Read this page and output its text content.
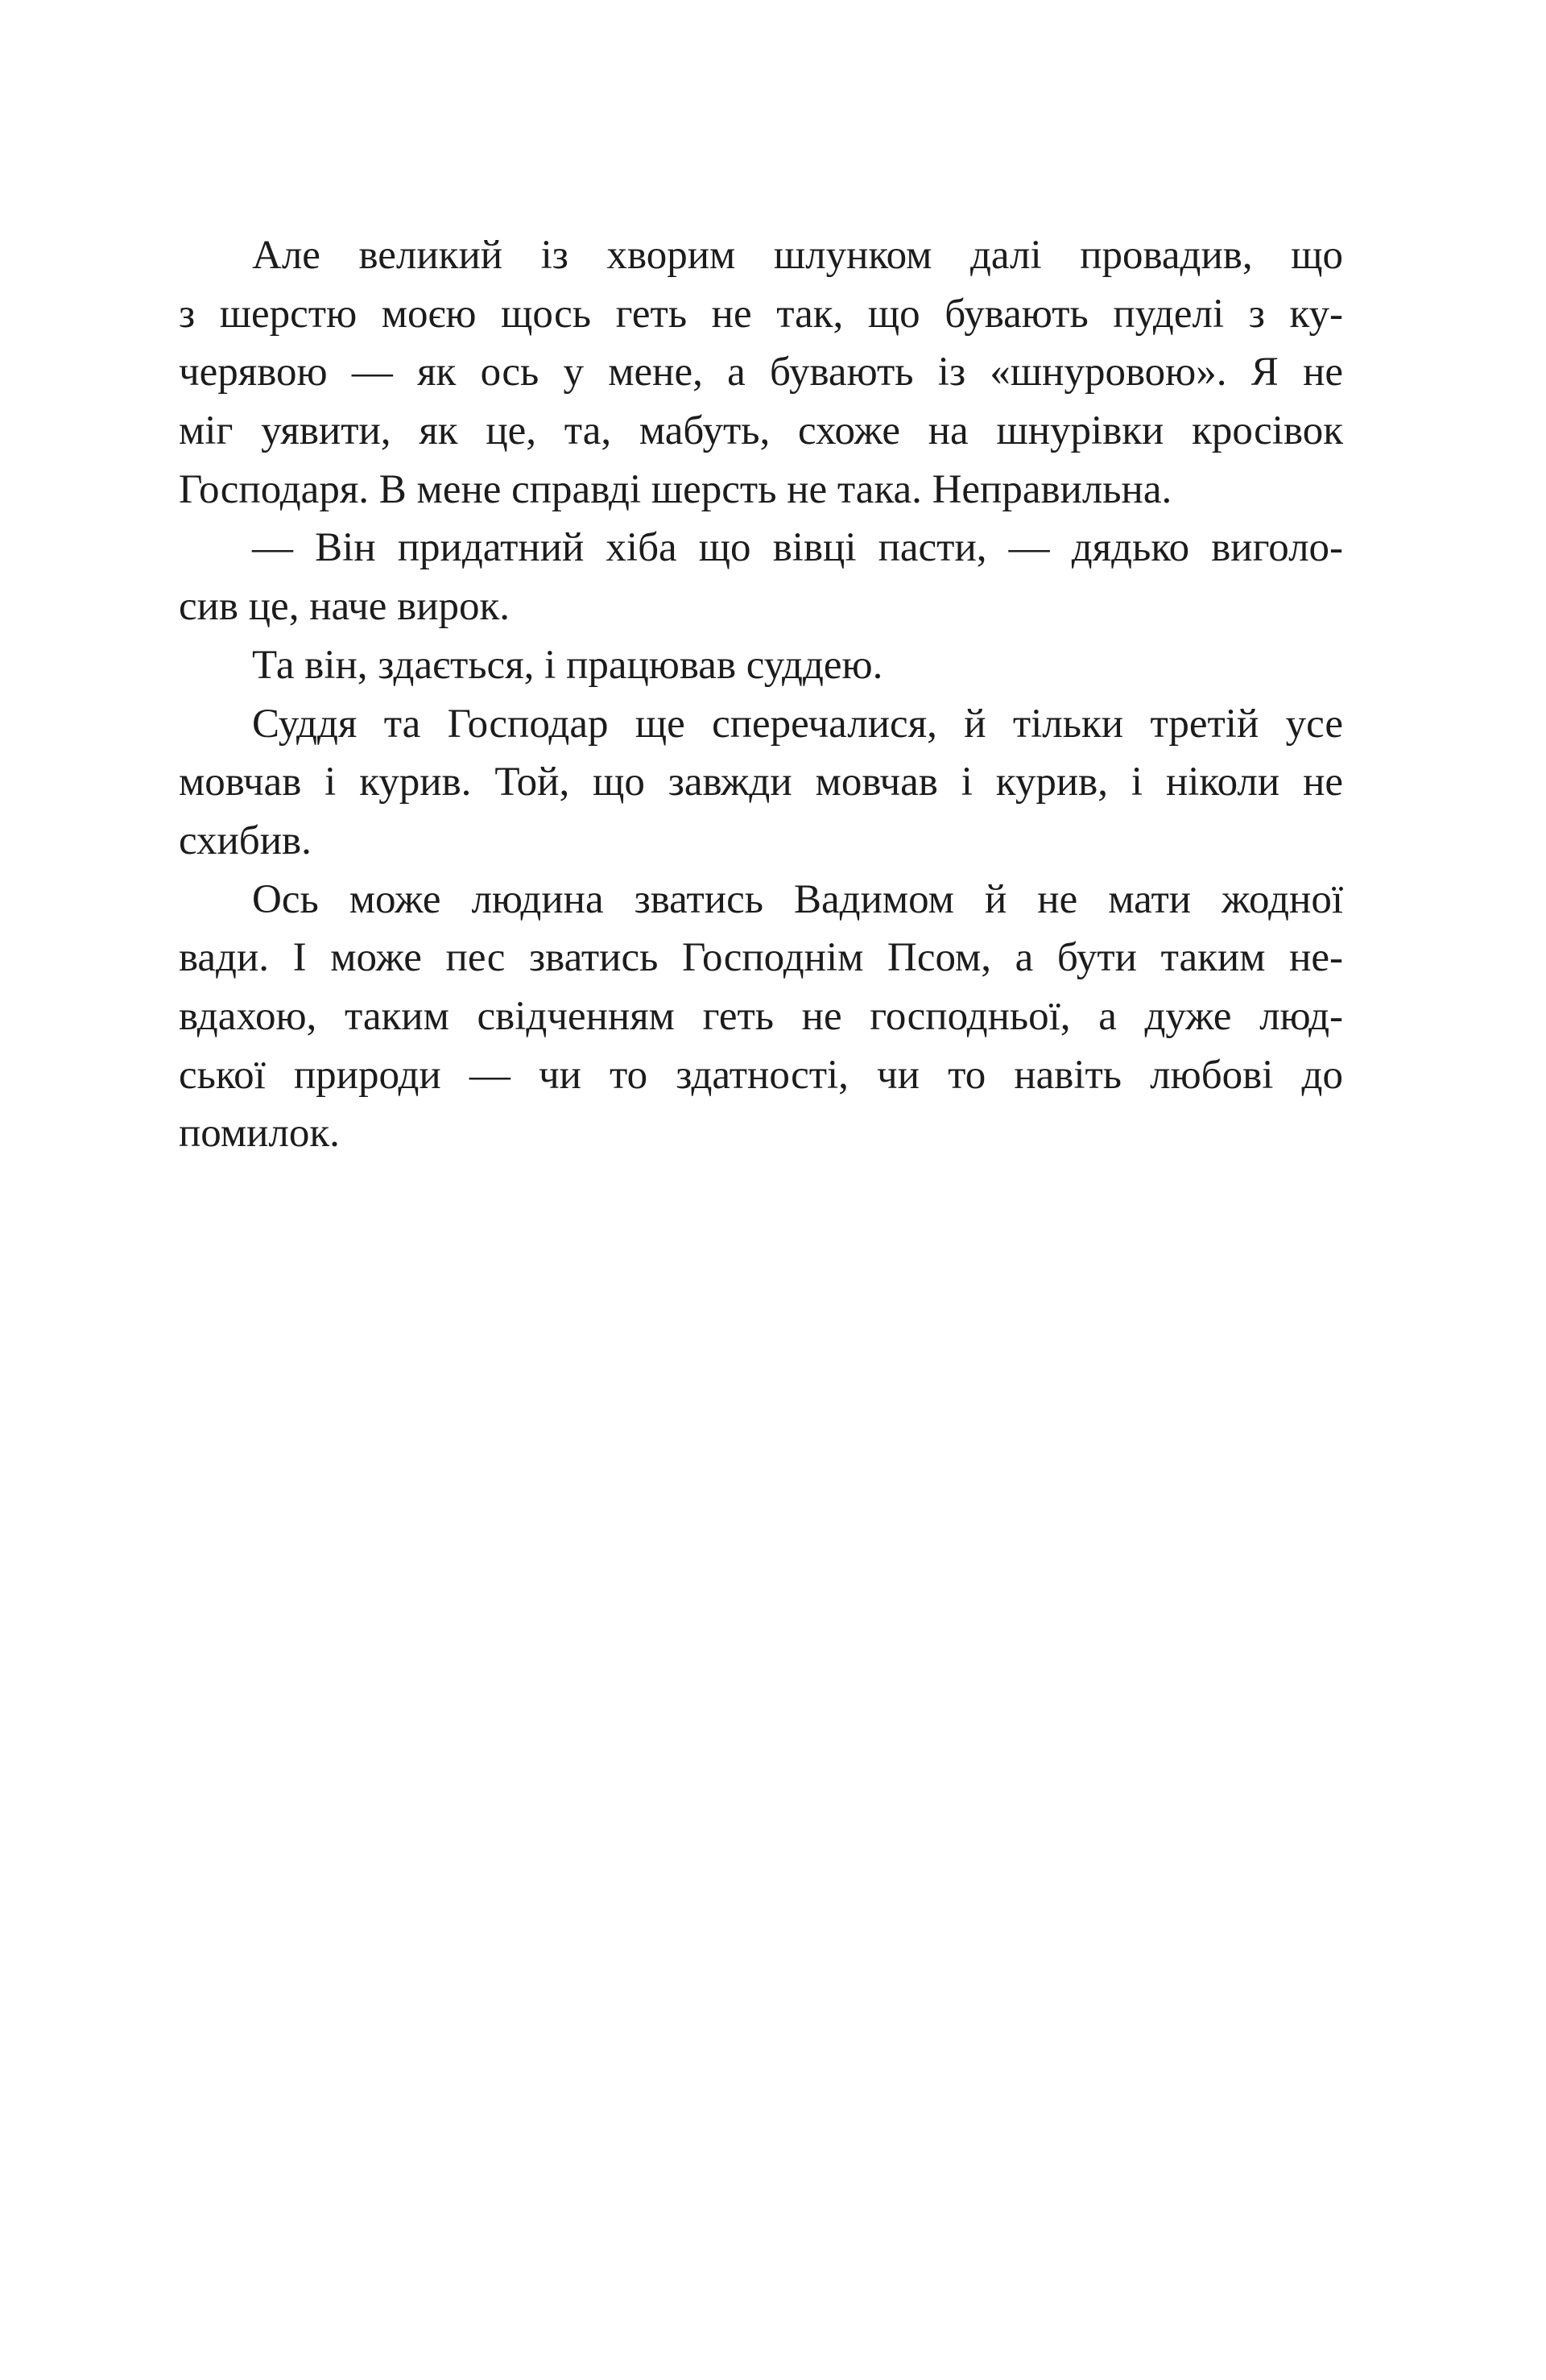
Але великий із хворим шлунком далі провадив, що

з шерстю моєю щось геть не так, що бувають пуделі з ку-

черявою — як ось у мене, а бувають із «шнуровою». Я не

міг уявити, як це, та, мабуть, схоже на шнурівки кросівок

Господаря. В мене справді шерсть не така. Неправильна.

— Він придатний хіба що вівці пасти, — дядько виголо-

сив це, наче вирок.

Та він, здається, і працював суддею.

Суддя та Господар ще сперечалися, й тільки третій усе

мовчав і курив. Той, що завжди мовчав і курив, і ніколи не

схибив.

Ось може людина зватись Вадимом й не мати жодної

вади. І може пес зватись Господнім Псом, а бути таким не-

вдахою, таким свідченням геть не господньої, а дуже люд-

ської природи — чи то здатності, чи то навіть любові до

помилок.
